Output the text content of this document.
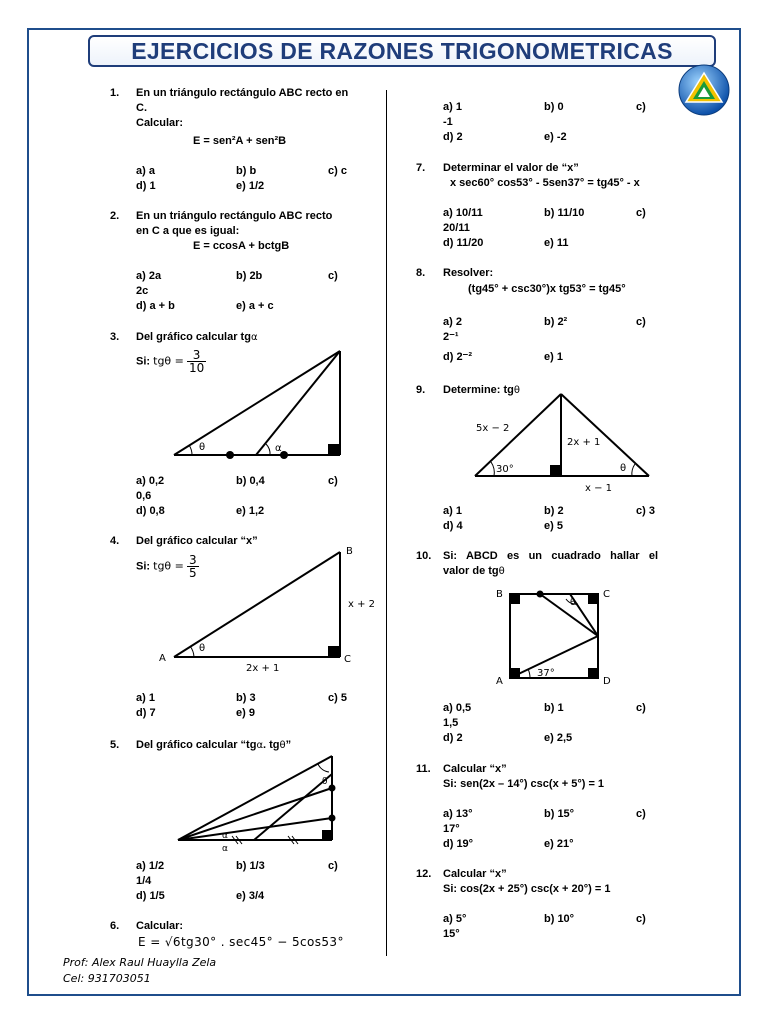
EJERCICIOS DE RAZONES TRIGONOMETRICAS
1. En un triángulo rectángulo ABC recto en
C.
Calcular:
E = sen²A + sen²B
a) a	b) b	c) c
d) 1	e) 1/2
2. En un triángulo rectángulo ABC recto
en C a que es igual:
E = ccosA + bctgB
a) 2a	b) 2b	c)
2c
d) a + b	e) a + c
3. Del gráfico calcular tgα
Si: $tg\theta = \frac{3}{10}$
θ	α
a) 0,2	b) 0,4	c)
0,6
d) 0,8	e) 1,2
4. Del gráfico calcular “x”
Si: $tg\theta = \frac{3}{5}$
A
B
C
θ
x + 2
2x + 1
a) 1	b) 3	c) 5
d) 7	e) 9
5. Del gráfico calcular “tgα. tgθ”
θ
α
α
a) 1/2	b) 1/3	c)
1/4
d) 1/5	e) 3/4
6. Calcular:
E = √6tg30° . sec45° − 5cos53°
Prof: Alex Raul Huaylla Zela
Cel: 931703051
a) 1	b) 0	c)
-1
d) 2	e) -2
7. Determinar el valor de “x”
x sec60° cos53° - 5sen37° = tg45° - x
a) 10/11	b) 11/10	c)
20/11
d) 11/20	e) 11
8. Resolver:
(tg45° + csc30°)x tg53° = tg45°
a) 2	b) 2²	c)
2⁻¹
d) 2⁻²	e) 1
9. Determine: tgθ
5x − 2
2x + 1
x − 1
30°	θ
a) 1	b) 2	c) 3
d) 4	e) 5
10. Si: ABCD es un cuadrado hallar el
valor de tgθ
B	C
A	D
θ
37°
a) 0,5	b) 1	c)
1,5
d) 2	e) 2,5
11. Calcular “x”
Si: sen(2x – 14°) csc(x + 5°) = 1
a) 13°	b) 15°	c)
17°
d) 19°	e) 21°
12. Calcular “x”
Si: cos(2x + 25°) csc(x + 20°) = 1
a) 5°	b) 10°	c)
15°
